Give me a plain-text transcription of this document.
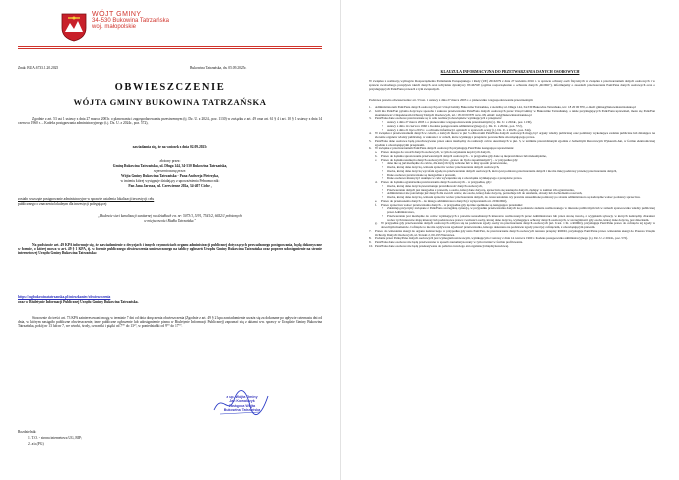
WÓJT GMINY
34-530 Bukowina Tatrzańska
woj. małopolskie
Znak: BUA.6733.1.20.2025	Bukowina Tatrzańska, dn. 05.09.2025r.
OBWIESZCZENIE
WÓJTA GMINY BUKOWINA TATRZAŃSKA
Zgodnie z art. 53 ust 1 ustawy z dnia 27 marca 2003r. o planowaniu i zagospodarowaniu przestrzennym (tj. Dz. U. z 2024., poz. 1130) w związku z art. 49 oraz art. 61 § 4 i art. 10 § 1 ustawy z dnia 14 czerwca 1960 r. – Kodeks postępowania administracyjnego (t.j. Dz. U. z 2024r., poz. 572),
zawiadamia się, że na wniosek z dnia 02.09.2025:
złożony przez:
Gminę Bukowina Tatrzańska, ul. Długa 144, 34-530 Bukowina Tatrzańska,
reprezentowaną przez:
Wójta Gminy Bukowina Tatrzańska - Pana Andrzeja Pietrzyka,
w imieniu której występuje działający z upoważnienia Pełnomocnik:
Pan Jana Jarosza, ul. Czerwienne 202a, 34-407 Ciche ,
zostało wszczęte postępowanie administracyjne w sprawie ustalenia lokalizacji inwestycji celu
publicznego o znaczeniu lokalnym dla inwestycji polegającej:
„Budowie sieci kanalizacji sanitarnej na działkach ew. nr: 5073/1, 5/91, 7541/2, 6652/1 położonych
w miejscowości Białka Tatrzańska."
Na podstawie art. 49 KPA informuje się, że zawiadomienie o decyzjach i innych czynnościach organu administracji publicznej dotyczących prowadzonego postępowania, będą dokonywane w formie, o której mowa w art. 49 § 1 KPA, tj. w formie publicznego obwieszczenia umieszczonego na tablicy ogłoszeń Urzędu Gminy Bukowina Tatrzańska oraz poprzez udostępnienie na stronie internetowej Urzędu Gminy Bukowina Tatrzańska:
https://ugbukowinatatrzanska.pl/mieszkaniec/obwieszczenia
oraz w Biuletynie Informacji Publicznej Urzędu Gminy Bukowina Tatrzańska.
Stosownie do treści art. 73 KPA zainteresowani mogą w terminie 7 dni od dnia doręczenia obwieszczenia (Zgodnie z art. 49 § 2 kpa zawiadomienie uważa się za dokonane po upływie czternastu dni od dnia, w którym nastąpiło publiczne obwieszczenie, inne publiczne ogłoszenie lub udostępnienie pisma w Biuletynie Informacji Publicznej) zapoznać się z aktami ww. sprawy w Urzędzie Gminy Bukowina Tatrzańska, pokój nr 13 lub nr 7, we wtorki, środy, czwartki i piątki od 7⁰⁰ do 13³⁰, w poniedziałki od 9⁰⁰ do 17⁰⁰.
z up. Wójta Gminy
Jan Kowalczyk
Zastępca Wójta
Bukowina Tatrzańska
Rozdzielnik:
1. T.O. - strona internetowa UG, BIP;
2. a/a.(PG)
KLAUZULA INFORMACYJNA DO PRZETWARZANIA DANYCH OSOBOWYCH
W związku z realizacją wymogów Rozporządzenia Parlamentu Europejskiego i Rady (UE) 2016/679 z dnia 27 kwietnia 2016 r. w sprawie ochrony osób fizycznych w związku z przetwarzaniem danych osobowych i w sprawie swobodnego przepływu takich danych oraz uchylenia dyrektywy 95/46/WE (ogólne rozporządzenie o ochronie danych „RODO"), informujemy o zasadach przetwarzania Pani/Pana danych osobowych oraz o przysługujących Pani/Panu prawach z tym związanych.
Podstawa prawna obwieszczenia: art. 53 ust. 1 ustawy z dnia 27 marca 2003 r. o planowaniu i zagospodarowaniu przestrzennym
1. Administratorem Pani/Pana danych osobowych jest: Urząd Gminy Bukowina Tatrzańska, z siedzibą: ul. Długa 144, 34-530 Bukowina Tatrzańska, tel.: 18 20 00 870, e-mail: gmina@bukowinatatrzanska.pl
2. Jeśli ma Pani/Pan pytania dotyczące sposobu i zakresu przetwarzania Pani/Pana danych osobowych przez Urząd Gminy w Bukowinie Tatrzańskiej, a także przysługujących Pani/Panu uprawnień, może się Pani/Pan skontaktować z Inspektorem Ochrony Danych Osobowych, tel.: 18 20 00 870 wew. 68, email: iod@bukowinatatrzanska.pl
3. Pani/Pana dane osobowe przetwarzane są w celu realizacji obowiązków wynikających z przepisów:
• ustawy z dnia 27 marca 2003 r. o planowaniu i zagospodarowaniu przestrzennym (t.j. Dz. U. z 2024r., poz. 1130),
• ustawy z dnia 14 czerwca 1960 r. Kodeks postępowania administracyjnego (t.j. Dz. U. z 2024r., poz. 572),
• ustawy z dnia 21 lipca 2015 r. o ochronie informacji i opiniach w sprawach oceny (t.j. Dz. U. z 2023r., poz. 344).
4. W związku z przetwarzaniem danych w celach, o których mowa w pkt 3 odbiorcami Pani/Pana danych osobowych mogą być organy władzy publicznej oraz podmioty wykonujące zadania publiczne lub działające na zlecenie organów władzy publicznej, w zakresie i w celach, które wynikają z przepisów powszechnie obowiązującego prawa.
5. Pani/Pana dane osobowe będą przechowywane przez okres niezbędny do realizacji celów określonych w pkt. 3, w terminie przewidzianym zgodnie z Jednolitym Rzeczowym Wykazem Akt, w formie elektronicznej zgodnie z obowiązującymi przepisami.
6. W związku z przetwarzaniem Pani/Pana danych osobowych przysługują Pani/Panu następujące uprawnienia:
a. Prawo dostępu do swoich danych osobowych, w tym do uzyskania kopii tych danych,
b. Prawo do żądania sprostowania przetwarzanych danych osobowych – w przypadku gdy dane są nieprawidłowe lub niekompletne,
c. Prawo do żądania usunięcia danych osobowych (tzw. „prawo do bycia zapomnianym") – w przypadku gdy:
• dane nie są już niezbędne do celów, dla których były zebrane lub w inny sposób przetwarzane,
• Osoba, której dane dotyczą, wniosła sprzeciw wobec przetwarzania danych osobowych,
• Osoba, której dane dotyczą wycofała zgodę na przetwarzanie danych osobowych, która jest podstawą przetwarzania danych i nie ma innej podstawy prawnej przetwarzania danych,
• Dane osobowe przetwarzane są niezgodnie z prawem,
• Dane osobowe muszą być usunięte w celu wywiązania się z obowiązku wynikającego z przepisów prawa.
d. Prawo do żądania ograniczenia przetwarzania danych osobowych – w przypadku, gdy:
• Osoba, której dane dotyczą kwestionuje prawidłowość danych osobowych,
• Przetwarzanie danych jest niezgodne z prawem, a osoba, której dane dotyczą, sprzeciwia się usunięciu danych, żądając w zamian ich ograniczenia,
• Administrator nie potrzebuje już danych dla swoich celów, ale osoba, której dane dotyczą, potrzebuje ich do ustalenia, obrony lub dochodzenia roszczeń,
• Osoba, której dane dotyczą, wniosła sprzeciw wobec przetwarzania danych, do czasu ustalenia czy prawnie uzasadnione podstawy po stronie administratora są nadrzędne wobec podstawy sprzeciwu.
e. Prawo do przenoszenia danych – do innego administratora danych (z wyłączeniem art. 20 RODO),
f. Prawo sprzeciwu wobec przetwarzania danych – w przypadku gdy łącznie spełnione są następujące przesłanki:
• Zaistnieją przyczyny związane z Pani/Pana szczególną sytuacją, w przypadku przetwarzania danych na podstawie zadania realizowanego w interesie publicznym lub w ramach sprawowania władzy publicznej przez Administratora,
• Przetwarzanie jest niezbędne do celów wynikających z prawnie uzasadnionych interesów realizowanych przez Administratora lub przez stronę trzecią, z wyjątkiem sytuacji, w których nadrzędny charakter wobec tych interesów mają interesy lub podstawowe prawa i wolności osoby, której dane dotyczą, wymagające ochrony danych osobowych, w szczególności gdy osoba, której dane dotyczą, jest dzieckiem.
g. W przypadku gdy przetwarzanie danych osobowych odbywa się na podstawie zgody osoby na przetwarzanie danych osobowych (art. 6 ust. 1 lit. a RODO), przysługuje Pani/Panu prawo do cofnięcia tej zgody w dowolnym momencie. Cofnięcie to nie ma wpływu na zgodność przetwarzania, którego dokonano na podstawie zgody przed jej cofnięciem, z obowiązującym prawem.
7. Prawo do wniesienia skargi do organu nadzorczego w przypadku gdy uzna Pani/Pan, że przetwarzanie danych osobowych narusza przepisy RODO, przysługuje Pani/Panu prawo wniesienia skargi do Prezesa Urzędu Ochrony Danych Osobowych, ul. Stawki 2, 00-193 Warszawa.
8. Podanie przez Panią/Pana danych osobowych jest wymogiem ustawowym, wynikającym z: ustawy z dnia 14 czerwca 1960 r. Kodeks postępowania administracyjnego (t.j. Dz. U. z 2024r., poz. 572).
9. Pani/Pana dane osobowe nie będą przetwarzane w sposób zautomatyzowany w tym również w formie profilowania.
10. Pani/Pana dane osobowe nie będą przekazywane do państwa trzeciego ani organizacji międzynarodowej.
